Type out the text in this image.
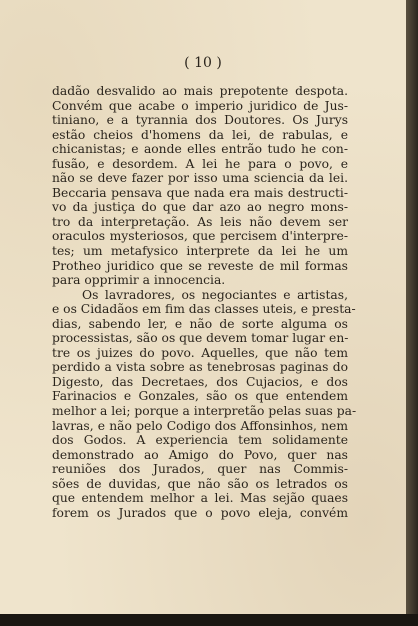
( 10 )
dadão desvalido ao mais prepotente despota.
Convém que acabe o imperio juridico de Jus-
tiniano, e a tyrannia dos Doutores. Os Jurys
estão cheios d'homens da lei, de rabulas, e
chicanistas; e aonde elles entrão tudo he con-
fusão, e desordem. A lei he para o povo, e
não se deve fazer por isso uma sciencia da lei.
Beccaria pensava que nada era mais destructi-
vo da justiça do que dar azo ao negro mons-
tro da interpretação. As leis não devem ser
oraculos mysteriosos, que percisem d'interpre-
tes; um metafysico interprete da lei he um
Protheo juridico que se reveste de mil formas
para opprimir a innocencia.
Os lavradores, os negociantes e artistas,
e os Cidadãos em fim das classes uteis, e presta-
dias, sabendo ler, e não de sorte alguma os
processistas, são os que devem tomar lugar en-
tre os juizes do povo. Aquelles, que não tem
perdido a vista sobre as tenebrosas paginas do
Digesto, das Decretaes, dos Cujacios, e dos
Farinacios e Gonzales, são os que entendem
melhor a lei; porque a interpretão pelas suas pa-
lavras, e não pelo Codigo dos Affonsinhos, nem
dos Godos. A experiencia tem solidamente
demonstrado ao Amigo do Povo, quer nas
reuniões dos Jurados, quer nas Commis-
sões de duvidas, que não são os letrados os
que entendem melhor a lei. Mas sejão quaes
forem os Jurados que o povo eleja, convém
